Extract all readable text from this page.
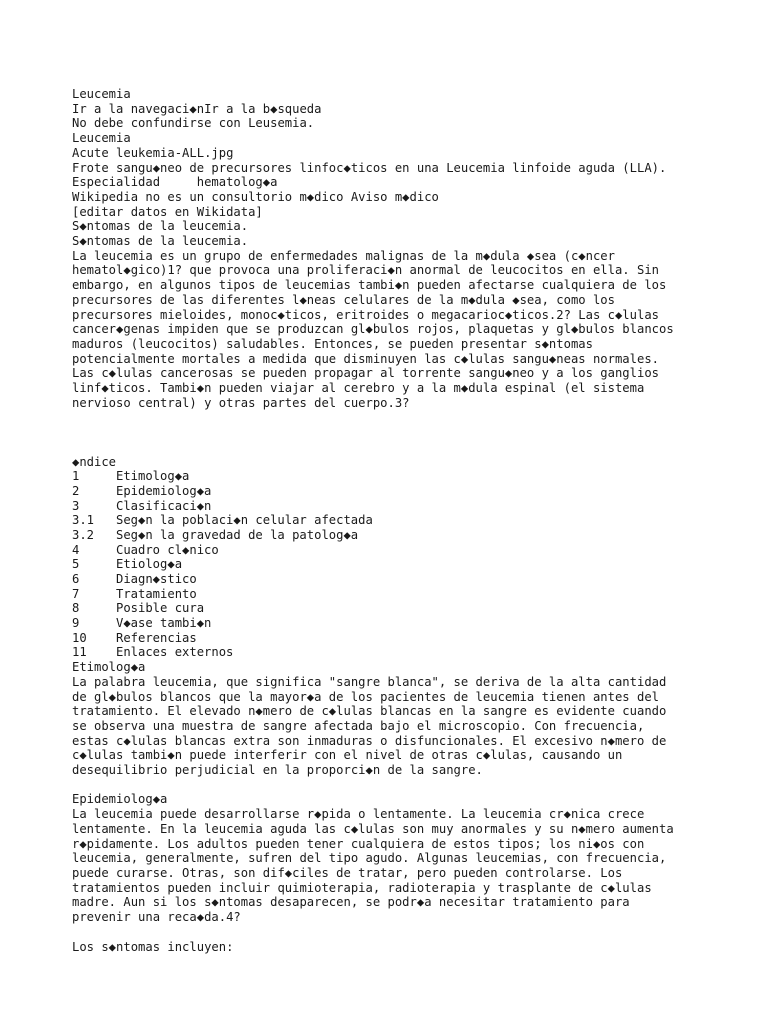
Leucemia
Ir a la navegaci◆nIr a la b◆squeda
No debe confundirse con Leusemia.
Leucemia
Acute leukemia-ALL.jpg
Frote sangu◆neo de precursores linfoc◆ticos en una Leucemia linfoide aguda (LLA).
Especialidad     hematolog◆a
Wikipedia no es un consultorio m◆dico Aviso m◆dico
[editar datos en Wikidata]
S◆ntomas de la leucemia.
S◆ntomas de la leucemia.
La leucemia es un grupo de enfermedades malignas de la m◆dula ◆sea (c◆ncer
hematol◆gico)1? que provoca una proliferaci◆n anormal de leucocitos en ella. Sin
embargo, en algunos tipos de leucemias tambi◆n pueden afectarse cualquiera de los
precursores de las diferentes l◆neas celulares de la m◆dula ◆sea, como los
precursores mieloides, monoc◆ticos, eritroides o megacarioc◆ticos.2? Las c◆lulas
cancer◆genas impiden que se produzcan gl◆bulos rojos, plaquetas y gl◆bulos blancos
maduros (leucocitos) saludables. Entonces, se pueden presentar s◆ntomas
potencialmente mortales a medida que disminuyen las c◆lulas sangu◆neas normales.
Las c◆lulas cancerosas se pueden propagar al torrente sangu◆neo y a los ganglios
linf◆ticos. Tambi◆n pueden viajar al cerebro y a la m◆dula espinal (el sistema
nervioso central) y otras partes del cuerpo.3?
◆ndice
1	Etimolog◆a
2	Epidemiolog◆a
3	Clasificaci◆n
3.1 Seg◆n la poblaci◆n celular afectada
3.2 Seg◆n la gravedad de la patolog◆a
4	Cuadro cl◆nico
5	Etiolog◆a
6	Diagn◆stico
7	Tratamiento
8	Posible cura
9	V◆ase tambi◆n
10 Referencias
11 Enlaces externos
Etimolog◆a
La palabra leucemia, que significa "sangre blanca", se deriva de la alta cantidad
de gl◆bulos blancos que la mayor◆a de los pacientes de leucemia tienen antes del
tratamiento. El elevado n◆mero de c◆lulas blancas en la sangre es evidente cuando
se observa una muestra de sangre afectada bajo el microscopio. Con frecuencia,
estas c◆lulas blancas extra son inmaduras o disfuncionales. El excesivo n◆mero de
c◆lulas tambi◆n puede interferir con el nivel de otras c◆lulas, causando un
desequilibrio perjudicial en la proporci◆n de la sangre.
Epidemiolog◆a
La leucemia puede desarrollarse r◆pida o lentamente. La leucemia cr◆nica crece
lentamente. En la leucemia aguda las c◆lulas son muy anormales y su n◆mero aumenta
r◆pidamente. Los adultos pueden tener cualquiera de estos tipos; los ni◆os con
leucemia, generalmente, sufren del tipo agudo. Algunas leucemias, con frecuencia,
puede curarse. Otras, son dif◆ciles de tratar, pero pueden controlarse. Los
tratamientos pueden incluir quimioterapia, radioterapia y trasplante de c◆lulas
madre. Aun si los s◆ntomas desaparecen, se podr◆a necesitar tratamiento para
prevenir una reca◆da.4?
Los s◆ntomas incluyen:
